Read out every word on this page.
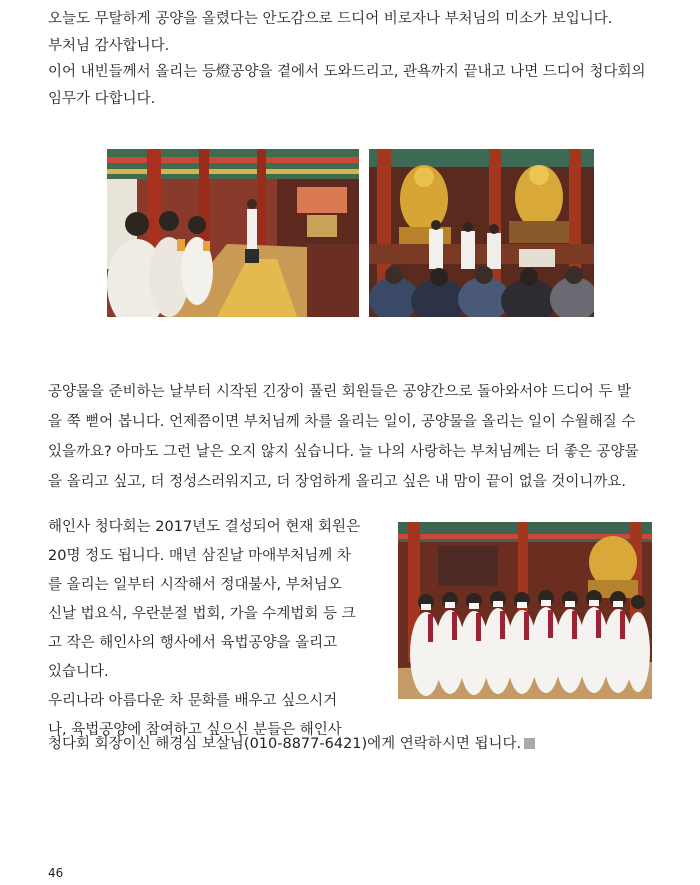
오늘도 무탈하게 공양을 올렸다는 안도감으로 드디어 비로자나 부처님의 미소가 보입니다.
부처님 감사합니다.
이어 내빈들께서 올리는 등燈공양을 곁에서 도와드리고, 관욕까지 끝내고 나면 드디어 청다회의
임무가 다합니다.
공양물을 준비하는 날부터 시작된 긴장이 풀린 회원들은 공양간으로 돌아와서야 드디어 두 발
을 쭉 뻗어 봅니다. 언제쯤이면 부처님께 차를 올리는 일이, 공양물을 올리는 일이 수월해질 수
있을까요? 아마도 그런 날은 오지 않지 싶습니다. 늘 나의 사랑하는 부처님께는 더 좋은 공양물
을 올리고 싶고, 더 정성스러워지고, 더 장엄하게 올리고 싶은 내 맘이 끝이 없을 것이니까요.
해인사 청다회는 2017년도 결성되어 현재 회원은
20명 정도 됩니다. 매년 삼짇날 마애부처님께 차
를 올리는 일부터 시작해서 정대불사, 부처님오
신날 법요식, 우란분절 법회, 가을 수계법회 등 크
고 작은 해인사의 행사에서 육법공양을 올리고
있습니다.
우리나라 아름다운 차 문화를 배우고 싶으시거
나, 육법공양에 참여하고 싶으신 분들은 해인사
청다회 회장이신 해경심 보살님(010-8877-6421)에게 연락하시면 됩니다.
46
